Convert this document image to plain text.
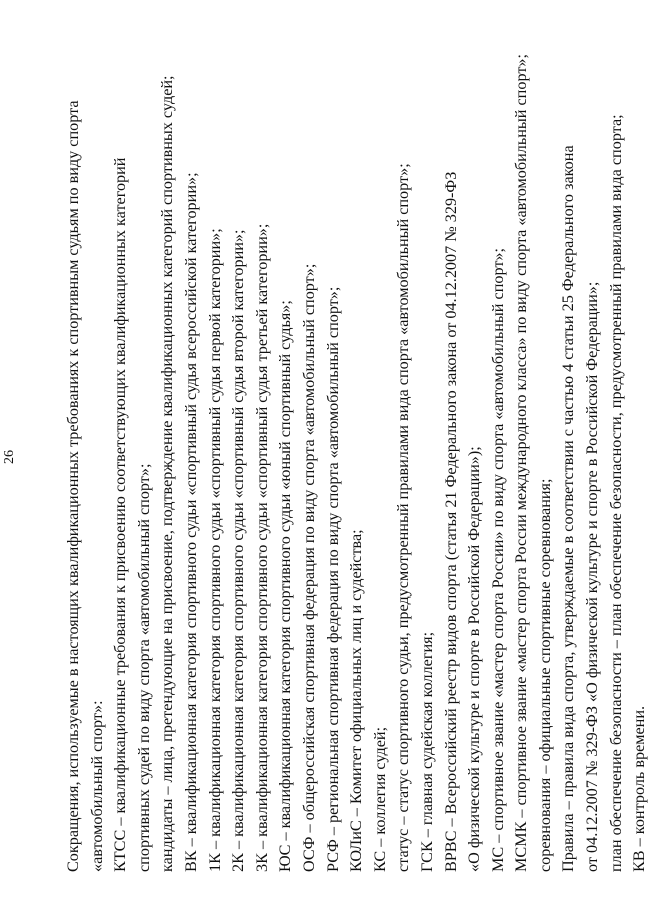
26	Сокращения, используемые в настоящих квалификационных требованиях к спортивным судьям по виду спорта «автомобильный спорт»: КТСС – квалификационные требования к присвоению соответствующих квалификационных категорий спортивных судей по виду спорта «автомобильный спорт»; кандидаты – лица, претендующие на присвоение, подтверждение квалификационных категорий спортивных судей; ВК – квалификационная категория спортивного судьи «спортивный судья всероссийской категории»; 1К – квалификационная категория спортивного судьи «спортивный судья первой категории»; 2К – квалификационная категория спортивного судьи «спортивный судья второй категории»; 3К – квалификационная категория спортивного судьи «спортивный судья третьей категории»; ЮС – квалификационная категория спортивного судьи «юный спортивный судья»; ОСФ – общероссийская спортивная федерация по виду спорта «автомобильный спорт»; РСФ – региональная спортивная федерация по виду спорта «автомобильный спорт»; КОЛиС – Комитет официальных лиц и судейства; КС – коллегия судей; статус – статус спортивного судьи, предусмотренный правилами вида спорта «автомобильный спорт»; ГСК – главная судейская коллегия; ВРВС – Всероссийский реестр видов спорта (статья 21 Федерального закона от 04.12.2007 № 329-ФЗ «О физической культуре и спорте в Российской Федерации»); МС – спортивное звание «мастер спорта России» по виду спорта «автомобильный спорт»; МСМК – спортивное звание «мастер спорта России международного класса» по виду спорта «автомобильный спорт»; соревнования – официальные спортивные соревнования; Правила – правила вида спорта, утверждаемые в соответствии с частью 4 статьи 25 Федерального закона от 04.12.2007 № 329-ФЗ «О физической культуре и спорте в Российской Федерации»; план обеспечение безопасности – план обеспечение безопасности, предусмотренный правилами вида спорта; КВ – контроль времени.
